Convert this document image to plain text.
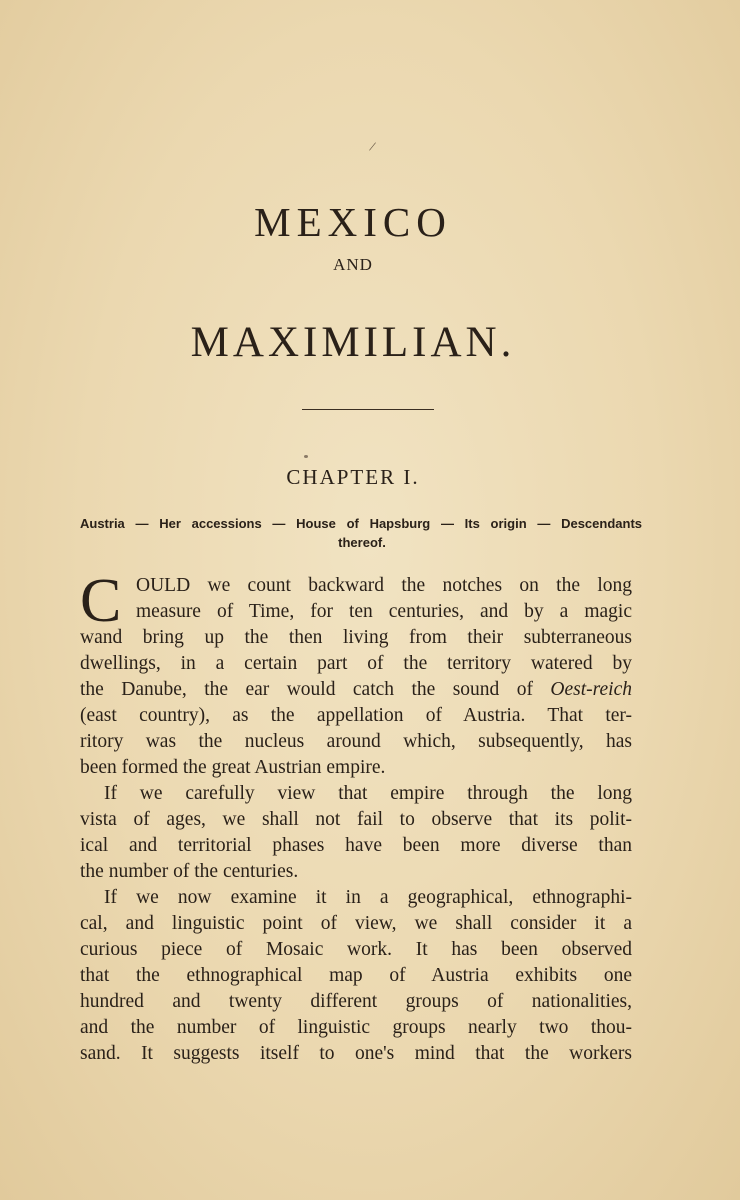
/
MEXICO
AND
MAXIMILIAN.
CHAPTER I.
Austria — Her accessions — House of Hapsburg — Its origin — Descendants
thereof.
C OULD we count backward the notches on the long
measure of Time, for ten centuries, and by a magic
wand bring up the then living from their subterraneous
dwellings, in a certain part of the territory watered by
the Danube, the ear would catch the sound of Oest-reich
(east country), as the appellation of Austria. That ter-
ritory was the nucleus around which, subsequently, has
been formed the great Austrian empire.
If we carefully view that empire through the long
vista of ages, we shall not fail to observe that its polit-
ical and territorial phases have been more diverse than
the number of the centuries.
If we now examine it in a geographical, ethnographi-
cal, and linguistic point of view, we shall consider it a
curious piece of Mosaic work. It has been observed
that the ethnographical map of Austria exhibits one
hundred and twenty different groups of nationalities,
and the number of linguistic groups nearly two thou-
sand. It suggests itself to one's mind that the workers
